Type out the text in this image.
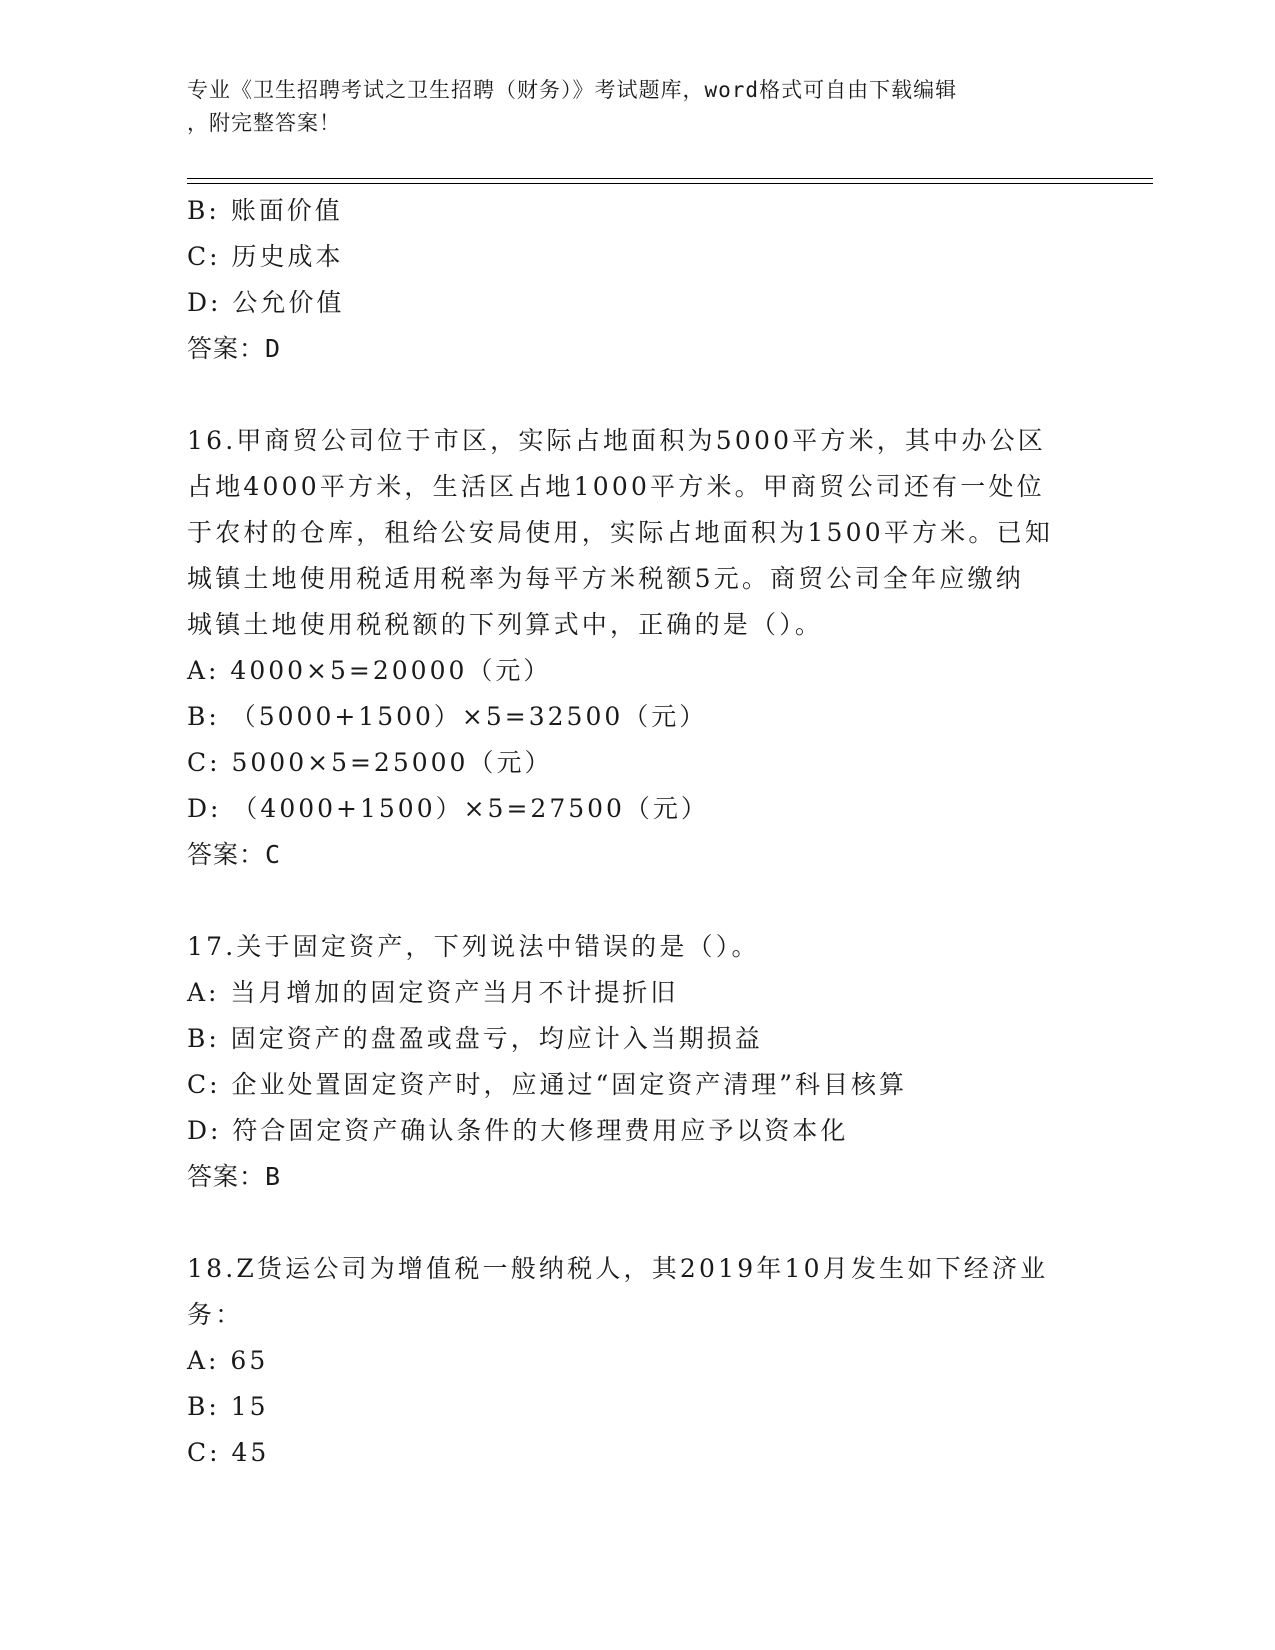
专业《卫生招聘考试之卫生招聘（财务）》考试题库，word格式可自由下载编辑
，附完整答案！
B: 账面价值
C: 历史成本
D: 公允价值
答案：D
16.甲商贸公司位于市区，实际占地面积为5000平方米，其中办公区
占地4000平方米，生活区占地1000平方米。甲商贸公司还有一处位
于农村的仓库，租给公安局使用，实际占地面积为1500平方米。已知
城镇土地使用税适用税率为每平方米税额5元。商贸公司全年应缴纳
城镇土地使用税税额的下列算式中，正确的是（）。
A: 4000×5=20000（元）
B: （5000+1500）×5=32500（元）
C: 5000×5=25000（元）
D: （4000+1500）×5=27500（元）
答案：C
17.关于固定资产，下列说法中错误的是（）。
A: 当月增加的固定资产当月不计提折旧
B: 固定资产的盘盈或盘亏，均应计入当期损益
C: 企业处置固定资产时，应通过“固定资产清理”科目核算
D: 符合固定资产确认条件的大修理费用应予以资本化
答案：B
18.Z货运公司为增值税一般纳税人，其2019年10月发生如下经济业
务：
A: 65
B: 15
C: 45
